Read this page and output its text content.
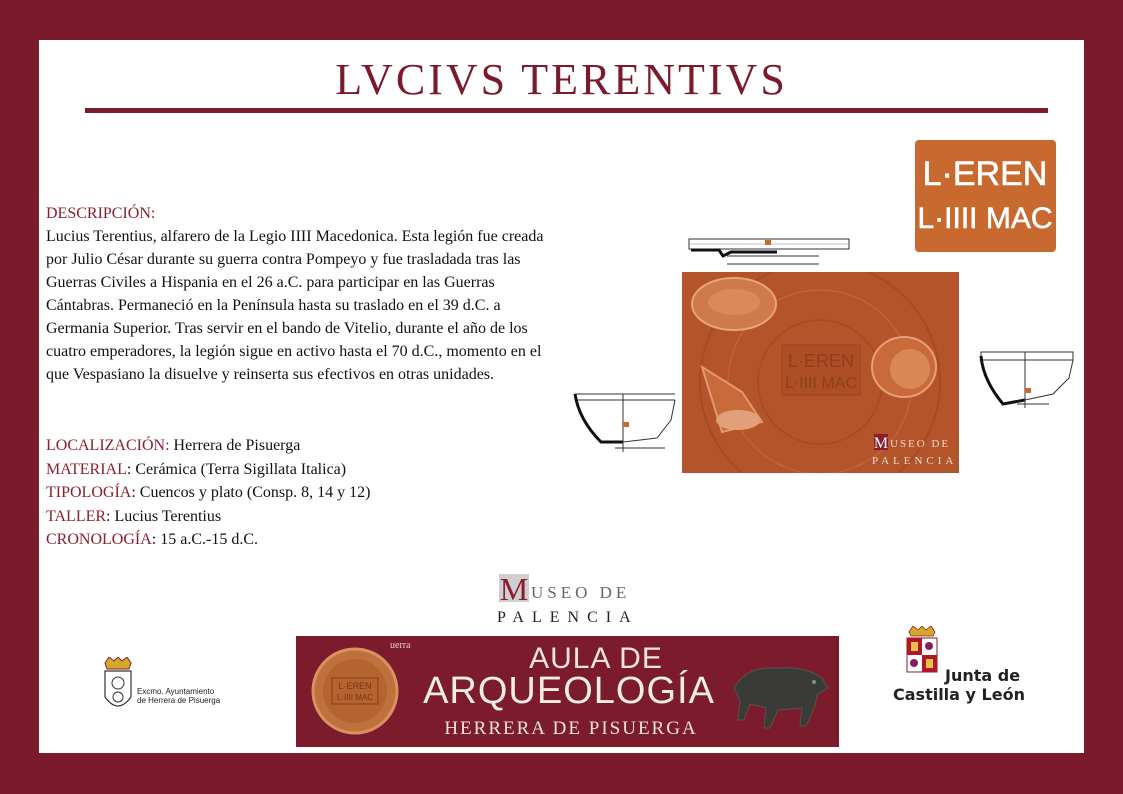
LVCIVS TERENTIVS
DESCRIPCIÓN:

Lucius Terentius, alfarero de la Legio IIII Macedonica. Esta legión fue creada por Julio César durante su guerra contra Pompeyo y fue trasladada tras las Guerras Civiles a Hispania en el 26 a.C. para participar en las Guerras Cántabras. Permaneció en la Península hasta su traslado en el 39 d.C. a Germania Superior. Tras servir en el bando de Vitelio, durante el año de los cuatro emperadores, la legión sigue en activo hasta el 70 d.C., momento en el que Vespasiano la disuelve y reinserta sus efectivos en otras unidades.

LOCALIZACIÓN: Herrera de Pisuerga
MATERIAL: Cerámica (Terra Sigillata Italica)
TIPOLOGÍA: Cuencos y plato (Consp. 8, 14 y 12)
TALLER: Lucius Terentius
CRONOLOGÍA: 15 a.C.-15 d.C.
L·EREN
L·IIII MAC
L·EREN
L·IIII MAC
M USEO DE
PALENCIA
M USEO DE
PALENCIA
L·EREN
L·IIII MAC
uerra	AULA DE
ARQUEOLOGÍA
HERRERA DE PISUERGA
Excmo. Ayuntamiento
de Herrera de Pisuerga
Junta de
Castilla y León
